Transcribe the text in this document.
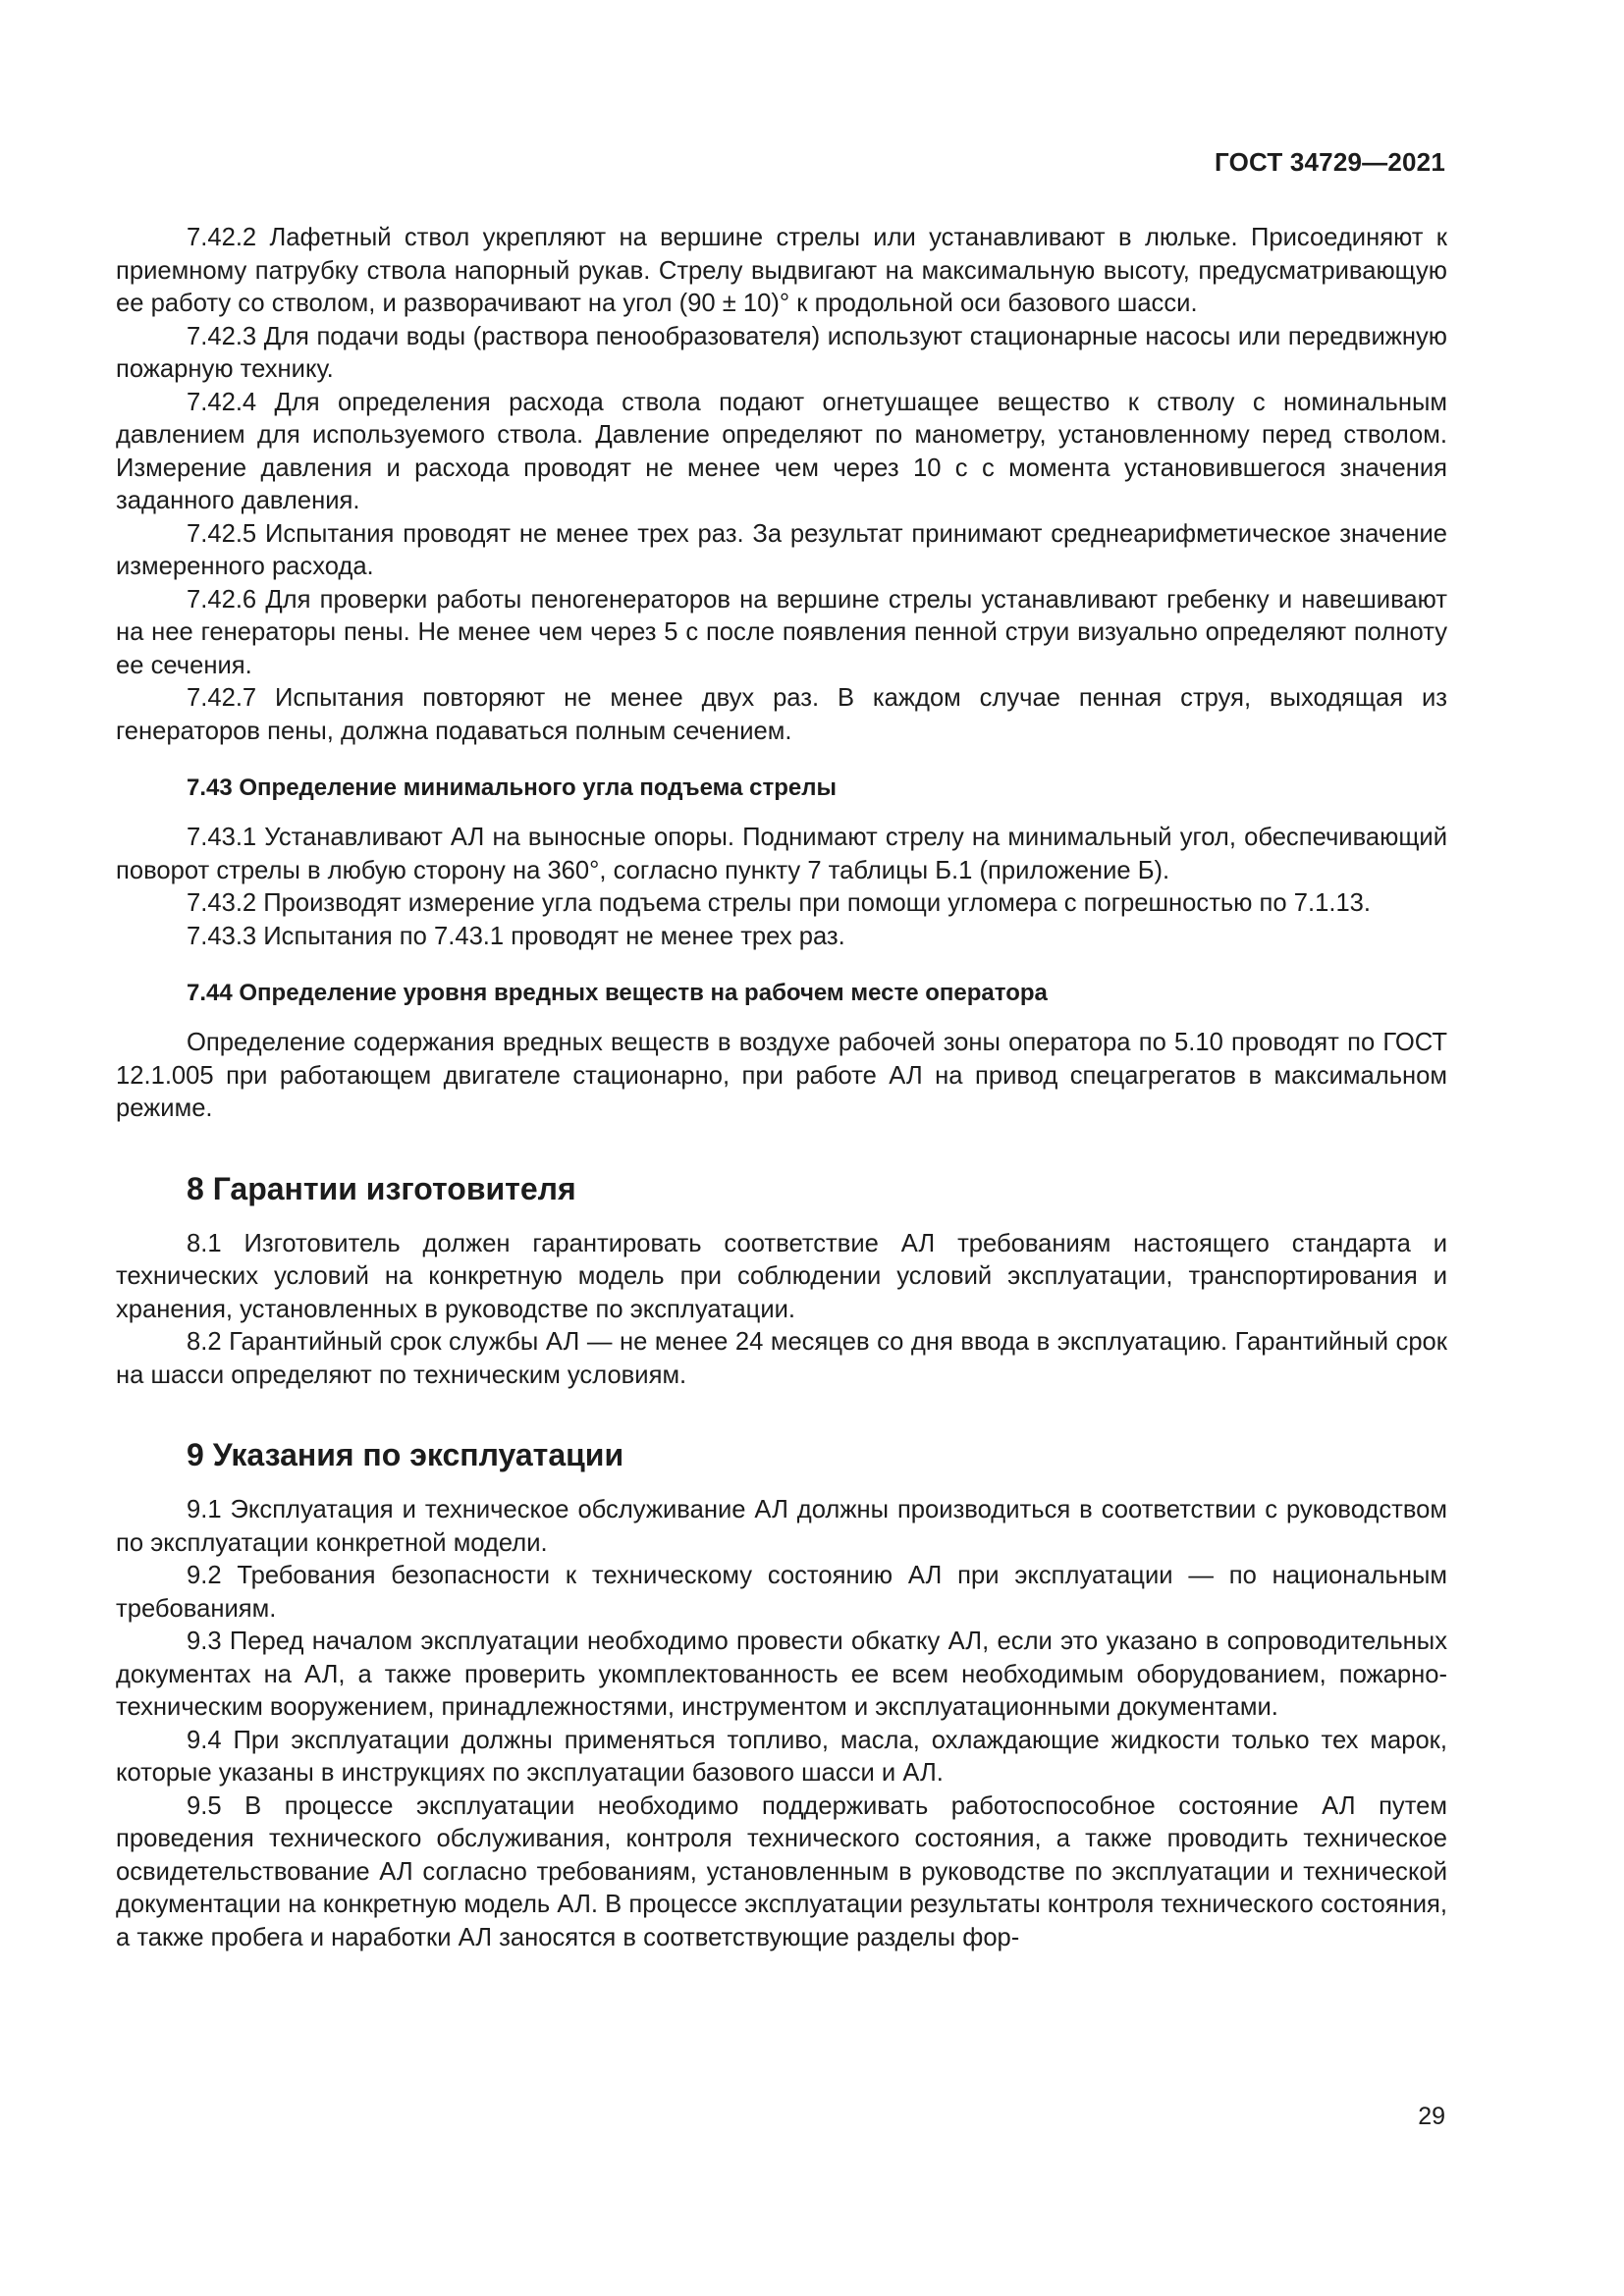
ГОСТ 34729—2021

7.42.2 Лафетный ствол укрепляют на вершине стрелы или устанавливают в люльке. Присоединяют к приемному патрубку ствола напорный рукав. Стрелу выдвигают на максимальную высоту, предусматривающую ее работу со стволом, и разворачивают на угол (90 ± 10)° к продольной оси базового шасси.

7.42.3 Для подачи воды (раствора пенообразователя) используют стационарные насосы или передвижную пожарную технику.

7.42.4 Для определения расхода ствола подают огнетушащее вещество к стволу с номинальным давлением для используемого ствола. Давление определяют по манометру, установленному перед стволом. Измерение давления и расхода проводят не менее чем через 10 с с момента установившегося значения заданного давления.

7.42.5 Испытания проводят не менее трех раз. За результат принимают среднеарифметическое значение измеренного расхода.

7.42.6 Для проверки работы пеногенераторов на вершине стрелы устанавливают гребенку и навешивают на нее генераторы пены. Не менее чем через 5 с после появления пенной струи визуально определяют полноту ее сечения.

7.42.7 Испытания повторяют не менее двух раз. В каждом случае пенная струя, выходящая из генераторов пены, должна подаваться полным сечением.

7.43 Определение минимального угла подъема стрелы

7.43.1 Устанавливают АЛ на выносные опоры. Поднимают стрелу на минимальный угол, обеспечивающий поворот стрелы в любую сторону на 360°, согласно пункту 7 таблицы Б.1 (приложение Б).

7.43.2 Производят измерение угла подъема стрелы при помощи угломера с погрешностью по 7.1.13.

7.43.3 Испытания по 7.43.1 проводят не менее трех раз.

7.44 Определение уровня вредных веществ на рабочем месте оператора

Определение содержания вредных веществ в воздухе рабочей зоны оператора по 5.10 проводят по ГОСТ 12.1.005 при работающем двигателе стационарно, при работе АЛ на привод спецагрегатов в максимальном режиме.

8 Гарантии изготовителя

8.1 Изготовитель должен гарантировать соответствие АЛ требованиям настоящего стандарта и технических условий на конкретную модель при соблюдении условий эксплуатации, транспортирования и хранения, установленных в руководстве по эксплуатации.

8.2 Гарантийный срок службы АЛ — не менее 24 месяцев со дня ввода в эксплуатацию. Гарантийный срок на шасси определяют по техническим условиям.

9 Указания по эксплуатации

9.1 Эксплуатация и техническое обслуживание АЛ должны производиться в соответствии с руководством по эксплуатации конкретной модели.

9.2 Требования безопасности к техническому состоянию АЛ при эксплуатации — по национальным требованиям.

9.3 Перед началом эксплуатации необходимо провести обкатку АЛ, если это указано в сопроводительных документах на АЛ, а также проверить укомплектованность ее всем необходимым оборудованием, пожарно-техническим вооружением, принадлежностями, инструментом и эксплуатационными документами.

9.4 При эксплуатации должны применяться топливо, масла, охлаждающие жидкости только тех марок, которые указаны в инструкциях по эксплуатации базового шасси и АЛ.

9.5 В процессе эксплуатации необходимо поддерживать работоспособное состояние АЛ путем проведения технического обслуживания, контроля технического состояния, а также проводить техническое освидетельствование АЛ согласно требованиям, установленным в руководстве по эксплуатации и технической документации на конкретную модель АЛ. В процессе эксплуатации результаты контроля технического состояния, а также пробега и наработки АЛ заносятся в соответствующие разделы фор-

29
